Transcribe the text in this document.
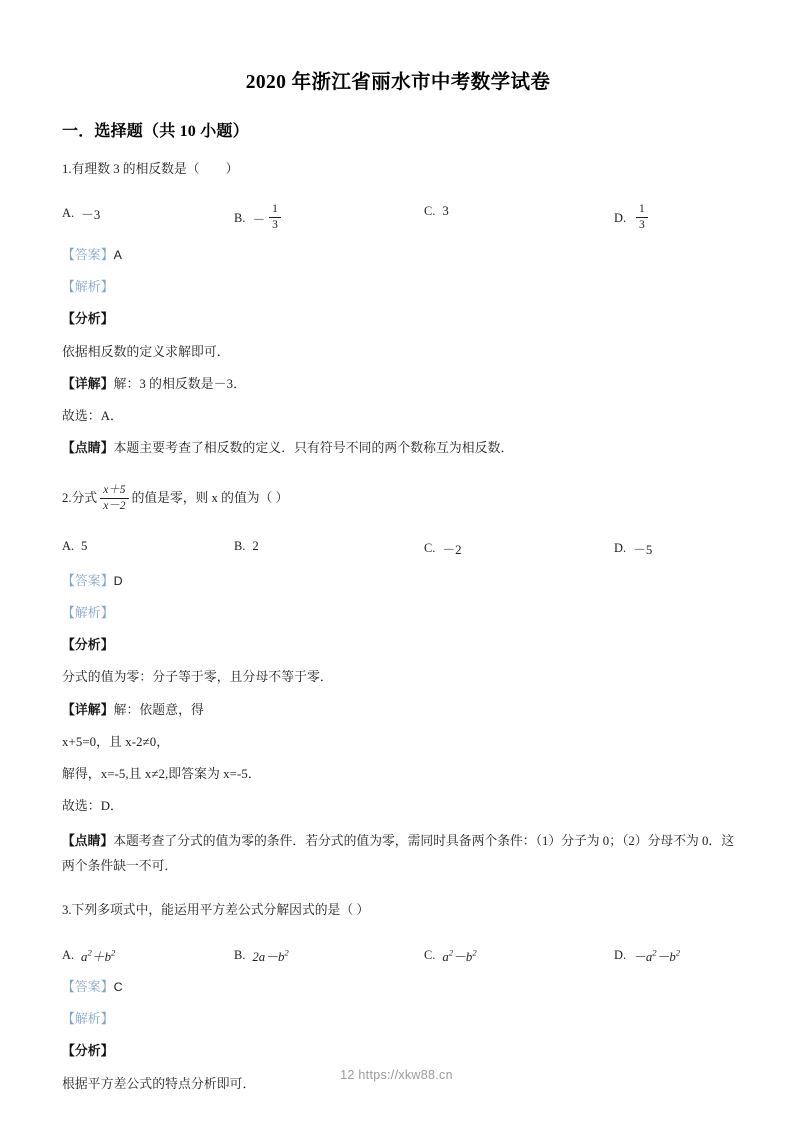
2020 年浙江省丽水市中考数学试卷
一．选择题（共 10 小题）

1.有理数 3 的相反数是（ ）

A. －3	B. － $\frac{1}{3}$	C. 3	D. $\frac{1}{3}$

【答案】A

【解析】

【分析】

依据相反数的定义求解即可．

【详解】解：3 的相反数是－3．

故选：A．

【点睛】本题主要考查了相反数的定义．只有符号不同的两个数称互为相反数．

2.分式 $\frac{x+5}{x-2}$ 的值是零，则 x 的值为（ ）

A. 5	B. 2	C. －2	D. －5

【答案】D

【解析】

【分析】

分式的值为零：分子等于零，且分母不等于零．

【详解】解：依题意，得

x+5=0，且 x-2≠0，

解得，x=-5,且 x≠2,即答案为 x=-5．

故选：D．

【点睛】本题考查了分式的值为零的条件．若分式的值为零，需同时具备两个条件：（1）分子为 0；（2）分母不为 0．这两个条件缺一不可．

3.下列多项式中，能运用平方差公式分解因式的是（ ）

A. $a^2+b^2$	B. $2a-b^2$	C. $a^2-b^2$	D. $-a^2-b^2$

【答案】C

【解析】

【分析】

根据平方差公式的特点分析即可．

12 https://xkw88.cn
